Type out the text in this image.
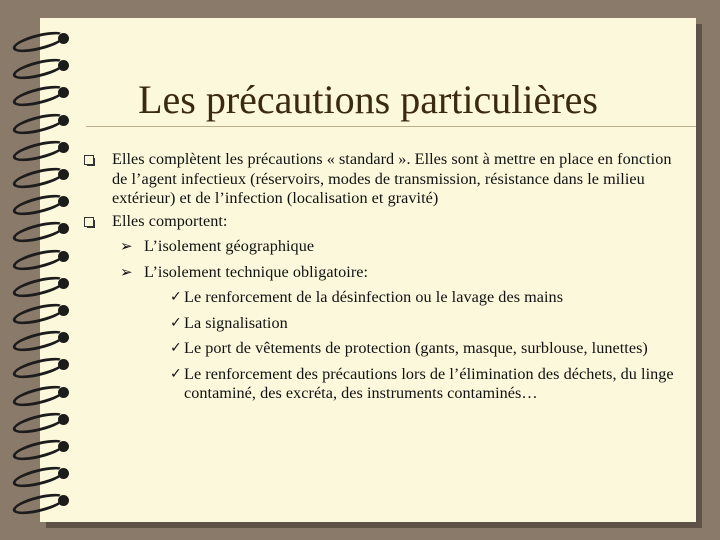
Les précautions particulières
Elles complètent les précautions « standard ». Elles sont à mettre en place en fonction de l’agent infectieux (réservoirs, modes de transmission, résistance dans le milieu extérieur) et de l’infection (localisation et gravité)
Elles comportent:
➢ L’isolement géographique
➢ L’isolement technique obligatoire:
✓ Le renforcement de la désinfection ou le lavage des mains
✓ La signalisation
✓ Le port de vêtements de protection (gants, masque, surblouse, lunettes)
✓ Le renforcement des précautions lors de l’élimination des déchets, du linge contaminé, des excréta, des instruments contaminés…
